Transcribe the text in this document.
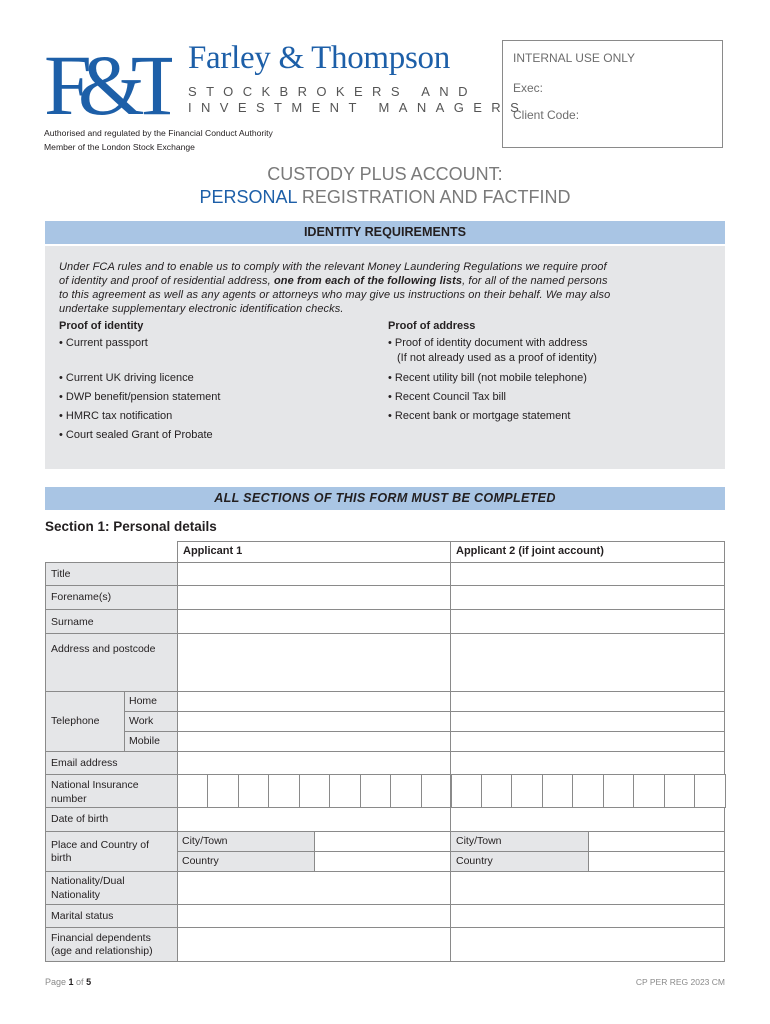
F&T Farley & Thompson
STOCKBROKERS AND
INVESTMENT MANAGERS
Authorised and regulated by the Financial Conduct Authority
Member of the London Stock Exchange
INTERNAL USE ONLY
Exec:
Client Code:
CUSTODY PLUS ACCOUNT:
PERSONAL REGISTRATION AND FACTFIND
IDENTITY REQUIREMENTS
Under FCA rules and to enable us to comply with the relevant Money Laundering Regulations we require proof
of identity and proof of residential address, one from each of the following lists, for all of the named persons
to this agreement as well as any agents or attorneys who may give us instructions on their behalf. We may also
undertake supplementary electronic identification checks.
Proof of identity
• Current passport
• Current UK driving licence
• DWP benefit/pension statement
• HMRC tax notification
• Court sealed Grant of Probate
Proof of address
• Proof of identity document with address
(If not already used as a proof of identity)
• Recent utility bill (not mobile telephone)
• Recent Council Tax bill
• Recent bank or mortgage statement
ALL SECTIONS OF THIS FORM MUST BE COMPLETED
Section 1: Personal details
Applicant 1	Applicant 2 (if joint account)
Title
Forename(s)
Surname
Address and postcode
Telephone
Home
Work
Mobile
Email address
National Insurance
number
Date of birth
Place and Country of
birth
City/Town
Country
City/Town
Country
Nationality/Dual
Nationality
Marital status
Financial dependents
(age and relationship)
Page 1 of 5	CP PER REG 2023 CM
